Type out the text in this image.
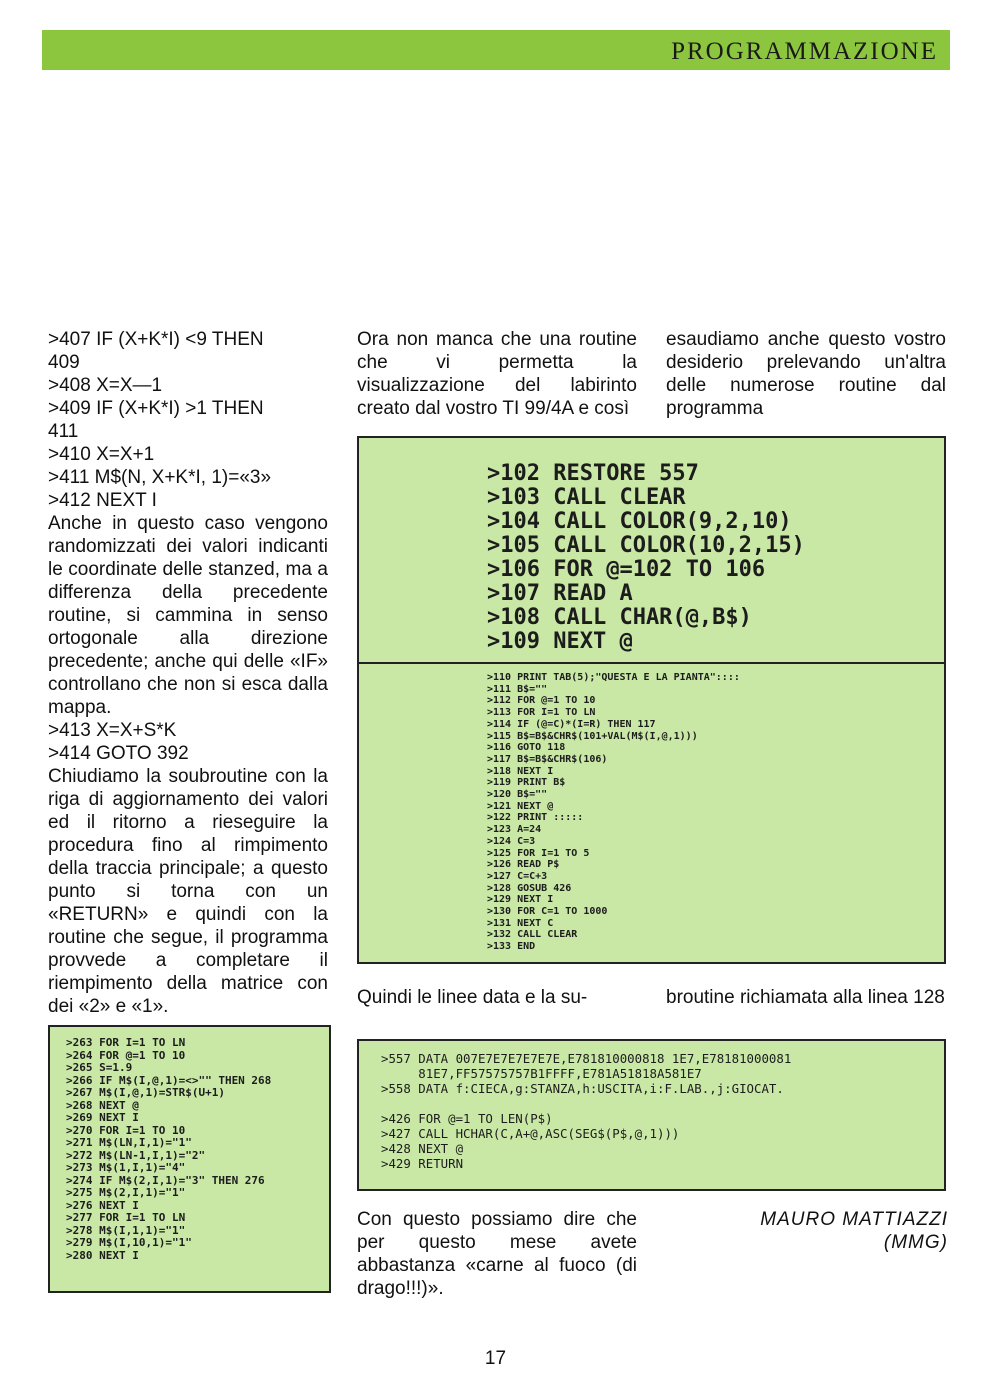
PROGRAMMAZIONE

>407 IF (X+K*I) <9 THEN

409

>408 X=X—1

>409 IF (X+K*I) >1 THEN

411

>410 X=X+1

>411 M$(N, X+K*I, 1)=«3»

>412 NEXT I

Anche in questo caso vengono randomizzati dei valori indicanti le coordinate delle stanzed, ma a differenza della precedente routine, si cammina in senso ortogonale alla direzione precedente; anche qui delle «IF» controllano che non si esca dalla mappa.

>413 X=X+S*K

>414 GOTO 392

Chiudiamo la soubroutine con la riga di aggiornamento dei valori ed il ritorno a rieseguire la procedura fino al rimpimento della traccia principale; a questo punto si torna con un «RETURN» e quindi con la routine che segue, il programma provvede a completare il riempimento della matrice con dei «2» e «1».

Ora non manca che una routine che vi permetta la visualizzazione del labirinto creato dal vostro TI 99/4A e così
esaudiamo anche questo vostro desiderio prelevando un'altra delle numerose routine dal programma
>102 RESTORE 557
>103 CALL CLEAR
>104 CALL COLOR(9,2,10)
>105 CALL COLOR(10,2,15)
>106 FOR @=102 TO 106
>107 READ A
>108 CALL CHAR(@,B$)
>109 NEXT @
>110 PRINT TAB(5);"QUESTA E LA PIANTA"::::
>111 B$=""
>112 FOR @=1 TO 10
>113 FOR I=1 TO LN
>114 IF (@=C)*(I=R) THEN 117
>115 B$=B$&CHR$(101+VAL(M$(I,@,1)))
>116 GOTO 118
>117 B$=B$&CHR$(106)
>118 NEXT I
>119 PRINT B$
>120 B$=""
>121 NEXT @
>122 PRINT :::::
>123 A=24
>124 C=3
>125 FOR I=1 TO 5
>126 READ P$
>127 C=C+3
>128 GOSUB 426
>129 NEXT I
>130 FOR C=1 TO 1000
>131 NEXT C
>132 CALL CLEAR
>133 END
Quindi le linee data e la su-	broutine richiamata alla linea 128
>263 FOR I=1 TO LN
>264 FOR @=1 TO 10
>265 S=1.9
>266 IF M$(I,@,1)=<>"" THEN 268
>267 M$(I,@,1)=STR$(U+1)
>268 NEXT @
>269 NEXT I
>270 FOR I=1 TO 10
>271 M$(LN,I,1)="1"
>272 M$(LN-1,I,1)="2"
>273 M$(1,I,1)="4"
>274 IF M$(2,I,1)="3" THEN 276
>275 M$(2,I,1)="1"
>276 NEXT I
>277 FOR I=1 TO LN
>278 M$(I,1,1)="1"
>279 M$(I,10,1)="1"
>280 NEXT I
>557 DATA 007E7E7E7E7E7E,E781810000818 1E7,E78181000081
81E7,FF57575757B1FFFF,E781A51818A581E7
>558 DATA f:CIECA,g:STANZA,h:USCITA,i:F.LAB.,j:GIOCAT.

>426 FOR @=1 TO LEN(P$)
>427 CALL HCHAR(C,A+@,ASC(SEG$(P$,@,1)))
>428 NEXT @
>429 RETURN
Con questo possiamo dire che per questo mese avete abbastanza «carne al fuoco (di drago!!!)».
MAURO MATTIAZZI
(MMG)
17
